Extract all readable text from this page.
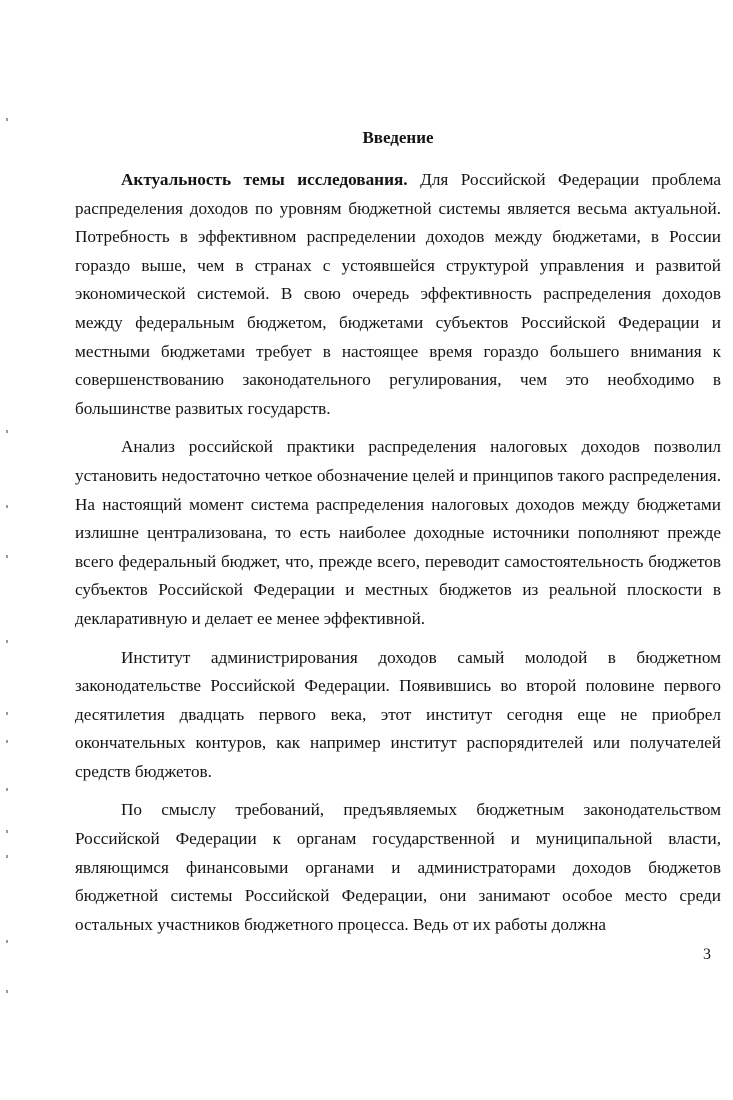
Введение

Актуальность темы исследования. Для Российской Федерации проблема распределения доходов по уровням бюджетной системы является весьма актуальной. Потребность в эффективном распределении доходов между бюджетами, в России гораздо выше, чем в странах с устоявшейся структурой управления и развитой экономической системой. В свою очередь эффективность распределения доходов между федеральным бюджетом, бюджетами субъектов Российской Федерации и местными бюджетами требует в настоящее время гораздо большего внимания к совершенствованию законодательного регулирования, чем это необходимо в большинстве развитых государств.

Анализ российской практики распределения налоговых доходов позволил установить недостаточно четкое обозначение целей и принципов такого распределения. На настоящий момент система распределения налоговых доходов между бюджетами излишне централизована, то есть наиболее доходные источники пополняют прежде всего федеральный бюджет, что, прежде всего, переводит самостоятельность бюджетов субъектов Российской Федерации и местных бюджетов из реальной плоскости в декларативную и делает ее менее эффективной.

Институт администрирования доходов самый молодой в бюджетном законодательстве Российской Федерации. Появившись во второй половине первого десятилетия двадцать первого века, этот институт сегодня еще не приобрел окончательных контуров, как например институт распорядителей или получателей средств бюджетов.

По смыслу требований, предъявляемых бюджетным законодательством Российской Федерации к органам государственной и муниципальной власти, являющимся финансовыми органами и администраторами доходов бюджетов бюджетной системы Российской Федерации, они занимают особое место среди остальных участников бюджетного процесса. Ведь от их работы должна

3
